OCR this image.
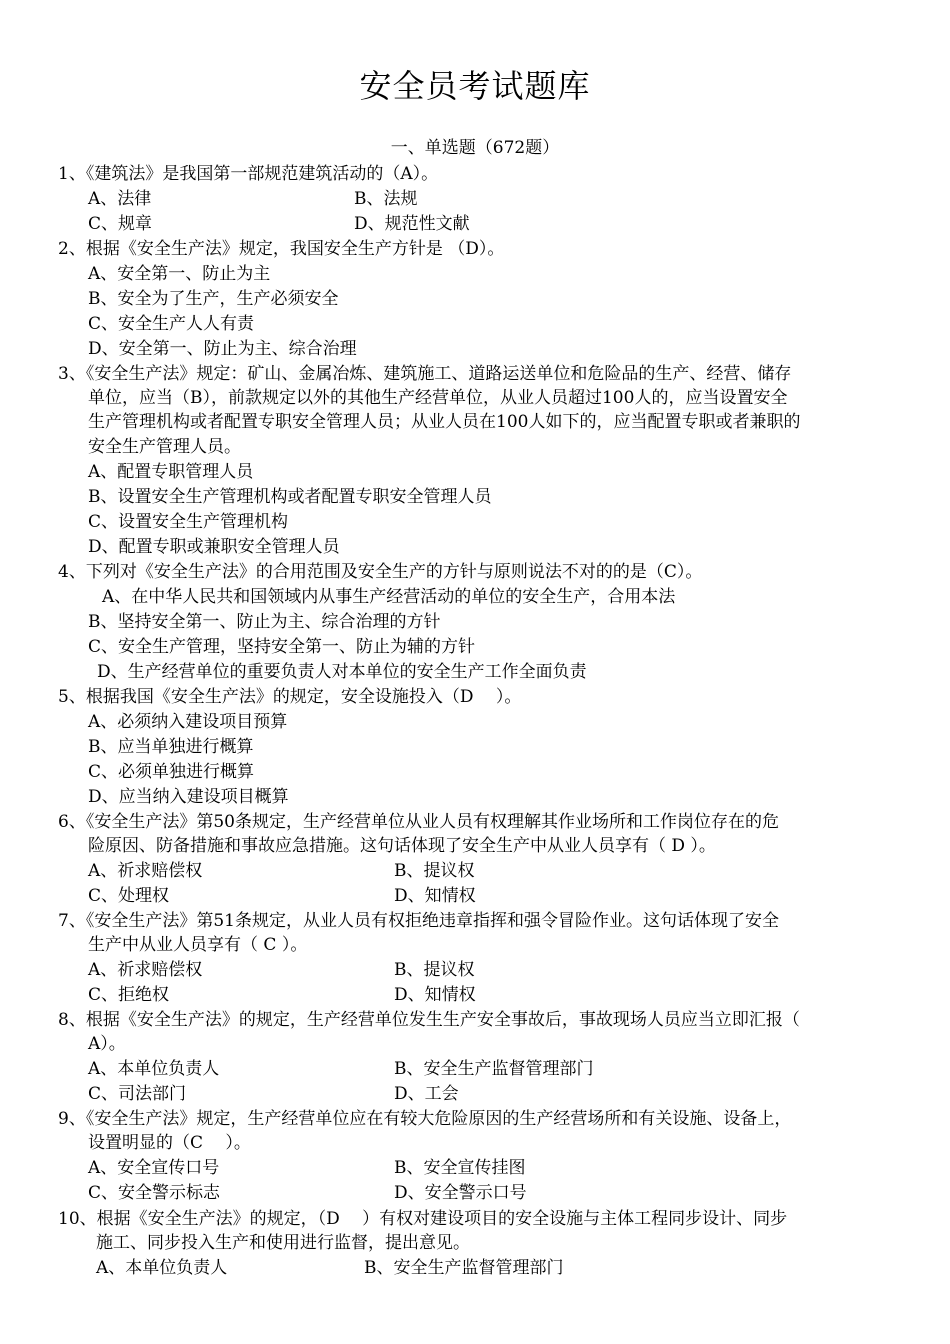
安全员考试题库
一、单选题（672题）
1、《建筑法》是我国第一部规范建筑活动的（A）。
A、法律	B、法规
C、规章	D、规范性文献
2、根据《安全生产法》规定，我国安全生产方针是 （D）。
A、安全第一、防止为主
B、安全为了生产，生产必须安全
C、安全生产人人有责
D、安全第一、防止为主、综合治理
3、《安全生产法》规定：矿山、金属冶炼、建筑施工、道路运送单位和危险品的生产、经营、储存
单位，应当（B），前款规定以外的其他生产经营单位，从业人员超过100人的，应当设置安全
生产管理机构或者配置专职安全管理人员；从业人员在100人如下的，应当配置专职或者兼职的
安全生产管理人员。
A、配置专职管理人员
B、设置安全生产管理机构或者配置专职安全管理人员
C、设置安全生产管理机构
D、配置专职或兼职安全管理人员
4、下列对《安全生产法》的合用范围及安全生产的方针与原则说法不对的的是（C）。
A、在中华人民共和国领域内从事生产经营活动的单位的安全生产，合用本法
B、坚持安全第一、防止为主、综合治理的方针
C、安全生产管理，坚持安全第一、防止为辅的方针
D、生产经营单位的重要负责人对本单位的安全生产工作全面负责
5、根据我国《安全生产法》的规定，安全设施投入（D　 ）。
A、必须纳入建设项目预算
B、应当单独进行概算
C、必须单独进行概算
D、应当纳入建设项目概算
6、《安全生产法》第50条规定，生产经营单位从业人员有权理解其作业场所和工作岗位存在的危
险原因、防备措施和事故应急措施。这句话体现了安全生产中从业人员享有（ D ）。
A、祈求赔偿权	B、提议权
C、处理权	D、知情权
7、《安全生产法》第51条规定，从业人员有权拒绝违章指挥和强令冒险作业。这句话体现了安全
生产中从业人员享有（ C ）。
A、祈求赔偿权	B、提议权
C、拒绝权	D、知情权
8、根据《安全生产法》的规定，生产经营单位发生生产安全事故后，事故现场人员应当立即汇报（
A）。
A、本单位负责人	B、安全生产监督管理部门
C、司法部门	D、工会
9、《安全生产法》规定，生产经营单位应在有较大危险原因的生产经营场所和有关设施、设备上，
设置明显的（C　 ）。
A、安全宣传口号	B、安全宣传挂图
C、安全警示标志	D、安全警示口号
10、根据《安全生产法》的规定，（D　 ）有权对建设项目的安全设施与主体工程同步设计、同步
施工、同步投入生产和使用进行监督，提出意见。
A、本单位负责人	B、安全生产监督管理部门
